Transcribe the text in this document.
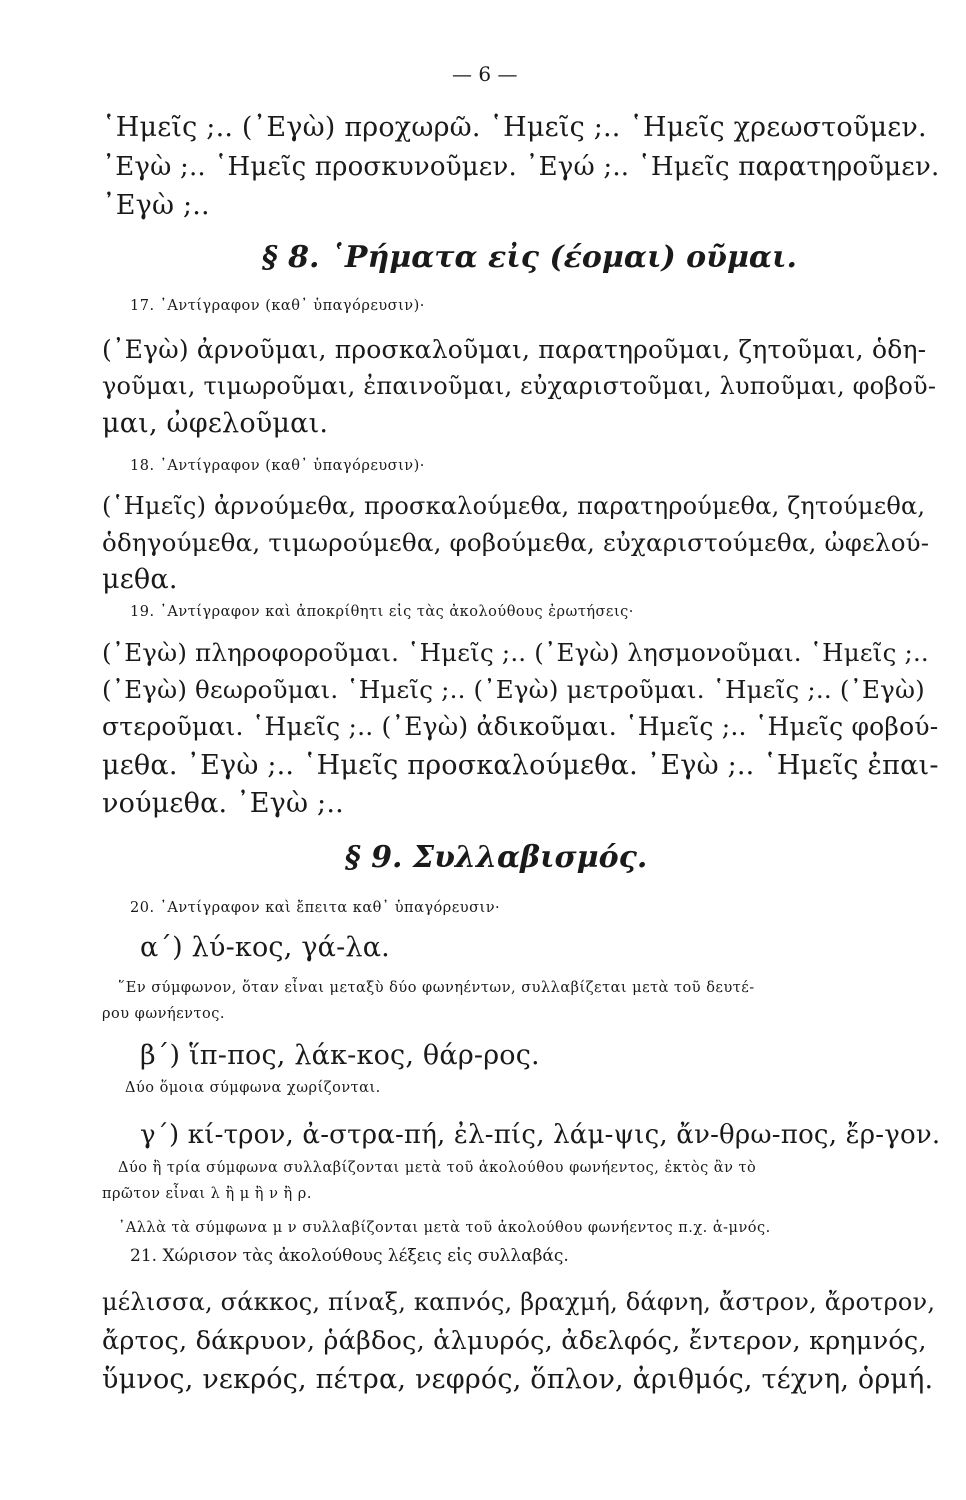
— 6 —
῾Ημεῖς ;.. (᾿Εγὼ) προχωρῶ. ῾Ημεῖς ;.. ῾Ημεῖς χρεωστοῦμεν.
᾿Εγὼ ;.. ῾Ημεῖς προσκυνοῦμεν. ᾿Εγώ ;.. ῾Ημεῖς παρατηροῦμεν.
᾿Εγὼ ;..
§ 8. ῾Ρήματα εἰς (έομαι) οῦμαι.
17. ᾿Αντίγραφον (καθ᾿ ὑπαγόρευσιν)·
(᾿Εγὼ) ἀρνοῦμαι, προσκαλοῦμαι, παρατηροῦμαι, ζητοῦμαι, ὁδη-
γοῦμαι, τιμωροῦμαι, ἐπαινοῦμαι, εὐχαριστοῦμαι, λυποῦμαι, φοβοῦ-
μαι, ὠφελοῦμαι.
18. ᾿Αντίγραφον (καθ᾿ ὑπαγόρευσιν)·
(῾Ημεῖς) ἀρνούμεθα, προσκαλούμεθα, παρατηρούμεθα, ζητούμεθα,
ὁδηγούμεθα, τιμωρούμεθα, φοβούμεθα, εὐχαριστούμεθα, ὠφελού-
μεθα.
19. ᾿Αντίγραφον καὶ ἀποκρίθητι εἰς τὰς ἀκολούθους ἐρωτήσεις·
(᾿Εγὼ) πληροφοροῦμαι. ῾Ημεῖς ;.. (᾿Εγὼ) λησμονοῦμαι. ῾Ημεῖς ;..
(᾿Εγὼ) θεωροῦμαι. ῾Ημεῖς ;.. (᾿Εγὼ) μετροῦμαι. ῾Ημεῖς ;.. (᾿Εγὼ)
στεροῦμαι. ῾Ημεῖς ;.. (᾿Εγὼ) ἀδικοῦμαι. ῾Ημεῖς ;.. ῾Ημεῖς φοβού-
μεθα. ᾿Εγὼ ;.. ῾Ημεῖς προσκαλούμεθα. ᾿Εγὼ ;.. ῾Ημεῖς ἐπαι-
νούμεθα. ᾿Εγὼ ;..
§ 9. Συλλαβισμός.
20. ᾿Αντίγραφον καὶ ἔπειτα καθ᾿ ὑπαγόρευσιν·
α΄) λύ-κος, γά-λα.
῞Εν σύμφωνον, ὅταν εἶναι μεταξὺ δύο φωνηέντων, συλλαβίζεται μετὰ τοῦ δευτέ-
ρου φωνήεντος.
β΄) ἵπ-πος, λάκ-κος, θάρ-ρος.
Δύο ὅμοια σύμφωνα χωρίζονται.
γ΄) κί-τρον, ἀ-στρα-πή, ἐλ-πίς, λάμ-ψις, ἄν-θρω-πος, ἔρ-γον.
Δύο ἢ τρία σύμφωνα συλλαβίζονται μετὰ τοῦ ἀκολούθου φωνήεντος, ἐκτὸς ἂν τὸ
πρῶτον εἶναι λ ἢ μ ἢ ν ἢ ρ.
᾿Αλλὰ τὰ σύμφωνα μ ν συλλαβίζονται μετὰ τοῦ ἀκολούθου φωνήεντος π.χ. ἀ-μνός.
21. Χώρισον τὰς ἀκολούθους λέξεις εἰς συλλαβάς.
μέλισσα, σάκκος, πίναξ, καπνός, βραχμή, δάφνη, ἄστρον, ἄροτρον,
ἄρτος, δάκρυον, ῥάβδος, ἁλμυρός, ἀδελφός, ἔντερον, κρημνός,
ὕμνος, νεκρός, πέτρα, νεφρός, ὅπλον, ἀριθμός, τέχνη, ὁρμή.
